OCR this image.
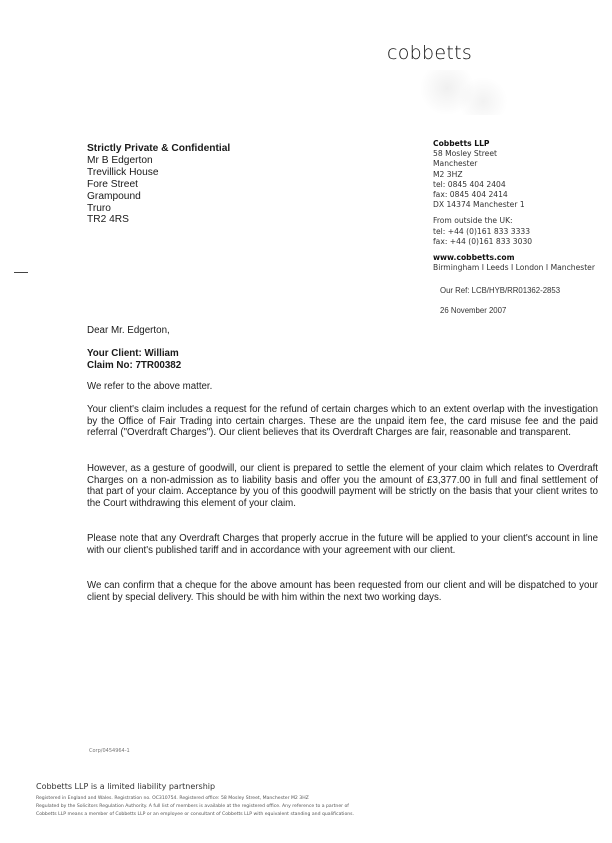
cobbetts
Cobbetts LLP
58 Mosley Street
Manchester
M2 3HZ
tel: 0845 404 2404
fax: 0845 404 2414
DX 14374 Manchester 1
From outside the UK:
tel: +44 (0)161 833 3333
fax: +44 (0)161 833 3030
www.cobbetts.com
Birmingham I Leeds I London I Manchester
Our Ref: LCB/HYB/RR01362-2853
26 November 2007
Strictly Private & Confidential
Mr B Edgerton
Trevillick House
Fore Street
Grampound
Truro
TR2 4RS
Dear Mr. Edgerton,
Your Client: William
Claim No: 7TR00382
We refer to the above matter.
Your client's claim includes a request for the refund of certain charges which to an extent overlap with the investigation by the Office of Fair Trading into certain charges. These are the unpaid item fee, the card misuse fee and the paid referral ("Overdraft Charges"). Our client believes that its Overdraft Charges are fair, reasonable and transparent.
However, as a gesture of goodwill, our client is prepared to settle the element of your claim which relates to Overdraft Charges on a non-admission as to liability basis and offer you the amount of £3,377.00 in full and final settlement of that part of your claim. Acceptance by you of this goodwill payment will be strictly on the basis that your client writes to the Court withdrawing this element of your claim.
Please note that any Overdraft Charges that properly accrue in the future will be applied to your client's account in line with our client's published tariff and in accordance with your agreement with our client.
We can confirm that a cheque for the above amount has been requested from our client and will be dispatched to your client by special delivery. This should be with him within the next two working days.
Corp/0454964-1
Cobbetts LLP is a limited liability partnership
Registered in England and Wales. Registration no. OC310754. Registered office: 58 Mosley Street, Manchester M2 3HZ
Regulated by the Solicitors Regulation Authority. A full list of members is available at the registered office. Any reference to a partner of
Cobbetts LLP means a member of Cobbetts LLP or an employee or consultant of Cobbetts LLP with equivalent standing and qualifications.
